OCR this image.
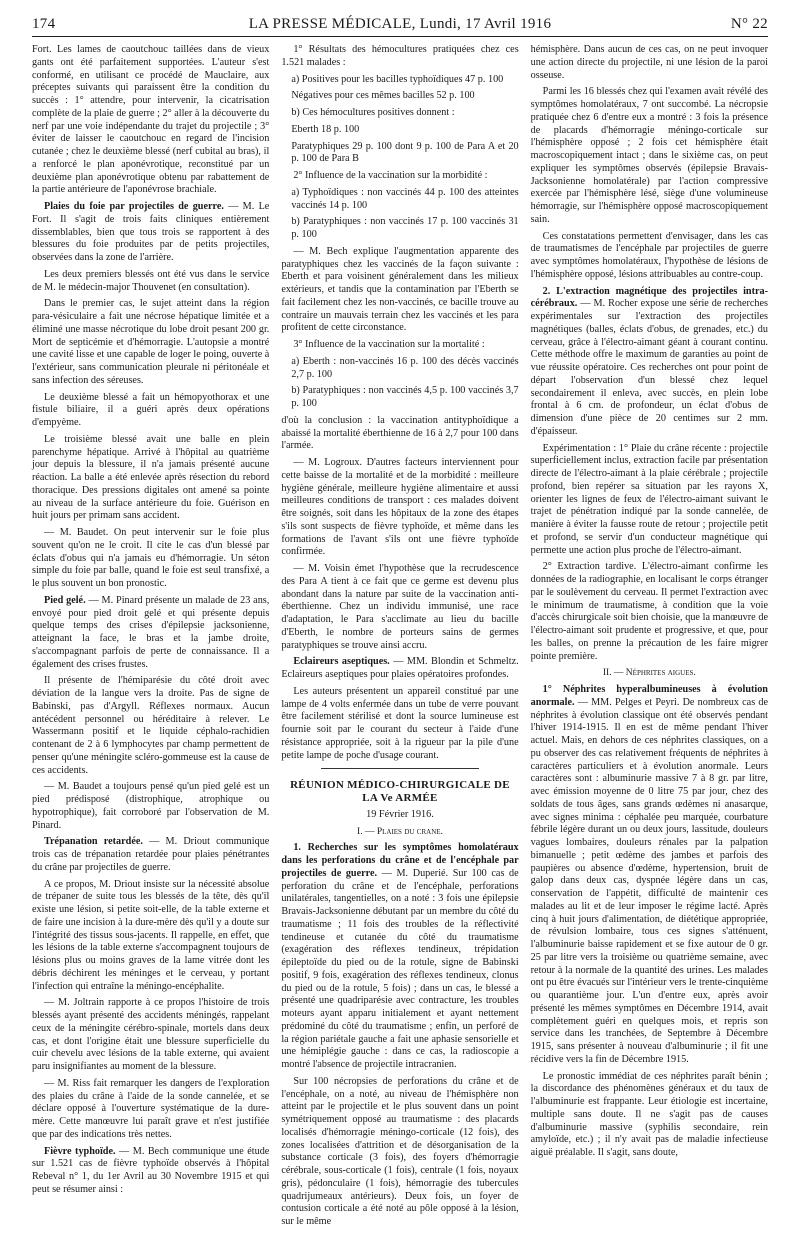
174	LA PRESSE MÉDICALE, Lundi, 17 Avril 1916	N° 22

Fort. Les lames de caoutchouc taillées dans de vieux gants ont été parfaitement supportées. L'auteur s'est conformé, en utilisant ce procédé de Mauclaire, aux préceptes suivants qui paraissent être la condition du succès : 1° attendre, pour intervenir, la cicatrisation complète de la plaie de guerre ; 2° aller à la découverte du nerf par une voie indépendante du trajet du projectile ; 3° éviter de laisser le caoutchouc en regard de l'incision cutanée ; chez le deuxième blessé (nerf cubital au bras), il a renforcé le plan aponévrotique, reconstitué par un deuxième plan aponévrotique obtenu par rabattement de la partie antérieure de l'aponévrose brachiale.

Plaies du foie par projectiles de guerre. — M. Le Fort. Il s'agit de trois faits cliniques entièrement dissemblables, bien que tous trois se rapportent à des blessures du foie produites par de petits projectiles, observées dans la zone de l'arrière.

Les deux premiers blessés ont été vus dans le service de M. le médecin-major Thouvenet (en consultation).

Dans le premier cas, le sujet atteint dans la région para-vésiculaire a fait une nécrose hépatique limitée et a éliminé une masse nécrotique du lobe droit pesant 200 gr. Mort de septicémie et d'hémorragie. L'autopsie a montré une cavité lisse et une capable de loger le poing, ouverte à l'extérieur, sans communication pleurale ni péritonéale et sans infection des séreuses.

Le deuxième blessé a fait un hémopyothorax et une fistule biliaire, il a guéri après deux opérations d'empyème.

Le troisième blessé avait une balle en plein parenchyme hépatique. Arrivé à l'hôpital au quatrième jour depuis la blessure, il n'a jamais présenté aucune réaction. La balle a été enlevée après résection du rebord thoracique. Des pressions digitales ont amené sa pointe au niveau de la surface antérieure du foie. Guérison en huit jours per primam sans accident.

— M. Baudet. On peut intervenir sur le foie plus souvent qu'on ne le croit. Il cite le cas d'un blessé par éclats d'obus qui n'a jamais eu d'hémorragie. Un séton simple du foie par balle, quand le foie est seul transfixé, a le plus souvent un bon pronostic.

Pied gelé. — M. Pinard présente un malade de 23 ans, envoyé pour pied droit gelé et qui présente depuis quelque temps des crises d'épilepsie jacksonienne, atteignant la face, le bras et la jambe droite, s'accompagnant parfois de perte de connaissance. Il a également des crises frustes.

Il présente de l'hémiparésie du côté droit avec déviation de la langue vers la droite. Pas de signe de Babinski, pas d'Argyll. Réflexes normaux. Aucun antécédent personnel ou héréditaire à relever. Le Wassermann positif et le liquide céphalo-rachidien contenant de 2 à 6 lymphocytes par champ permettent de penser qu'une méningite scléro-gommeuse est la cause de ces accidents.

— M. Baudet a toujours pensé qu'un pied gelé est un pied prédisposé (distrophique, atrophique ou hypotrophique), fait corroboré par l'observation de M. Pinard.

Trépanation retardée. — M. Driout communique trois cas de trépanation retardée pour plaies pénétrantes du crâne par projectiles de guerre.

A ce propos, M. Driout insiste sur la nécessité absolue de trépaner de suite tous les blessés de la tête, dès qu'il existe une lésion, si petite soit-elle, de la table externe et de faire une incision à la dure-mère dès qu'il y a doute sur l'intégrité des tissus sous-jacents. Il rappelle, en effet, que les lésions de la table externe s'accompagnent toujours de lésions plus ou moins graves de la lame vitrée dont les débris déchirent les méninges et le cerveau, y portant l'infection qui entraîne la méningo-encéphalite.

— M. Joltrain rapporte à ce propos l'histoire de trois blessés ayant présenté des accidents méningés, rappelant ceux de la méningite cérébro-spinale, mortels dans deux cas, et dont l'origine était une blessure superficielle du cuir chevelu avec lésions de la table externe, qui avaient paru insignifiantes au moment de la blessure.

— M. Riss fait remarquer les dangers de l'exploration des plaies du crâne à l'aide de la sonde cannelée, et se déclare opposé à l'ouverture systématique de la dure-mère. Cette manœuvre lui paraît grave et n'est justifiée que par des indications très nettes.

Fièvre typhoïde. — M. Bech communique une étude sur 1.521 cas de fièvre typhoïde observés à l'hôpital Rebeval n° 1, du 1er Avril au 30 Novembre 1915 et qui peut se résumer ainsi :

1° Résultats des hémocultures pratiquées chez ces 1.521 malades :

a) Positives pour les bacilles typhoïdiques 47 p. 100

Négatives pour ces mêmes bacilles 52 p. 100

b) Ces hémocultures positives donnent :

Eberth 18 p. 100

Paratyphiques 29 p. 100 dont 9 p. 100 de Para A et 20 p. 100 de Para B

2° Influence de la vaccination sur la morbidité :

a) Typhoïdiques : non vaccinés 44 p. 100 des atteintes vaccinés 14 p. 100

b) Paratyphiques : non vaccinés 17 p. 100 vaccinés 31 p. 100

— M. Bech explique l'augmentation apparente des paratyphiques chez les vaccinés de la façon suivante : Eberth et para voisinent généralement dans les milieux extérieurs, et tandis que la contamination par l'Eberth se fait facilement chez les non-vaccinés, ce bacille trouve au contraire un mauvais terrain chez les vaccinés et les para profitent de cette circonstance.

3° Influence de la vaccination sur la mortalité :

a) Eberth : non-vaccinés 16 p. 100 des décès vaccinés 2,7 p. 100

b) Paratyphiques : non vaccinés 4,5 p. 100 vaccinés 3,7 p. 100

d'où la conclusion : la vaccination antityphoïdique a abaissé la mortalité éberthienne de 16 à 2,7 pour 100 dans l'armée.

— M. Logroux. D'autres facteurs interviennent pour cette baisse de la mortalité et de la morbidité : meilleure hygiène générale, meilleure hygiène alimentaire et aussi meilleures conditions de transport : ces malades doivent être soignés, soit dans les hôpitaux de la zone des étapes s'ils sont suspects de fièvre typhoïde, et même dans les formations de l'avant s'ils ont une fièvre typhoïde confirmée.

— M. Voisin émet l'hypothèse que la recrudescence des Para A tient à ce fait que ce germe est devenu plus abondant dans la nature par suite de la vaccination anti-éberthienne. Chez un individu immunisé, une race d'adaptation, le Para s'acclimate au lieu du bacille d'Eberth, le nombre de porteurs sains de germes paratyphiques se trouve ainsi accru.

Eclaireurs aseptiques. — MM. Blondin et Schmeltz. Eclaireurs aseptiques pour plaies opératoires profondes.

Les auteurs présentent un appareil constitué par une lampe de 4 volts enfermée dans un tube de verre pouvant être facilement stérilisé et dont la source lumineuse est fournie soit par le courant du secteur à l'aide d'une résistance appropriée, soit à la rigueur par la pile d'une petite lampe de poche d'usage courant.

RÉUNION MÉDICO-CHIRURGICALE DE LA Ve ARMÉE

19 Février 1916.

I. — Plaies du crane.

1. Recherches sur les symptômes homolatéraux dans les perforations du crâne et de l'encéphale par projectiles de guerre. — M. Duperié. Sur 100 cas de perforation du crâne et de l'encéphale, perforations unilatérales, tangentielles, on a noté : 3 fois une épilepsie Bravais-Jacksonienne débutant par un membre du côté du traumatisme ; 11 fois des troubles de la réflectivité tendineuse et cutanée du côté du traumatisme (exagération des réflexes tendineux, trépidation épileptoïde du pied ou de la rotule, signe de Babinski positif, 9 fois, exagération des réflexes tendineux, clonus du pied ou de la rotule, 5 fois) ; dans un cas, le blessé a présenté une quadriparésie avec contracture, les troubles moteurs ayant apparu initialement et ayant nettement prédominé du côté du traumatisme ; enfin, un perforé de la région pariétale gauche a fait une aphasie sensorielle et une hémiplégie gauche : dans ce cas, la radioscopie a montré l'absence de projectile intracranien.

Sur 100 nécropsies de perforations du crâne et de l'encéphale, on a noté, au niveau de l'hémisphère non atteint par le projectile et le plus souvent dans un point symétriquement opposé au traumatisme : des placards localisés d'hémorragie méningo-corticale (12 fois), des zones localisées d'attrition et de désorganisation de la substance corticale (3 fois), des foyers d'hémorragie cérébrale, sous-corticale (1 fois), centrale (1 fois, noyaux gris), pédonculaire (1 fois), hémorragie des tubercules quadrijumeaux antérieurs). Deux fois, un foyer de contusion corticale a été noté au pôle opposé à la lésion, sur le même

hémisphère. Dans aucun de ces cas, on ne peut invoquer une action directe du projectile, ni une lésion de la paroi osseuse.

Parmi les 16 blessés chez qui l'examen avait révélé des symptômes homolatéraux, 7 ont succombé. La nécropsie pratiquée chez 6 d'entre eux a montré : 3 fois la présence de placards d'hémorragie méningo-corticale sur l'hémisphère opposé ; 2 fois cet hémisphère était macroscopiquement intact ; dans le sixième cas, on peut expliquer les symptômes observés (épilepsie Bravais-Jacksonienne homolatérale) par l'action compressive exercée par l'hémisphère lésé, siège d'une volumineuse hémorragie, sur l'hémisphère opposé macroscopiquement sain.

Ces constatations permettent d'envisager, dans les cas de traumatismes de l'encéphale par projectiles de guerre avec symptômes homolatéraux, l'hypothèse de lésions de l'hémisphère opposé, lésions attribuables au contre-coup.

2. L'extraction magnétique des projectiles intra-cérébraux. — M. Rocher expose une série de recherches expérimentales sur l'extraction des projectiles magnétiques (balles, éclats d'obus, de grenades, etc.) du cerveau, grâce à l'électro-aimant géant à courant continu. Cette méthode offre le maximum de garanties au point de vue réussite opératoire. Ces recherches ont pour point de départ l'observation d'un blessé chez lequel secondairement il enleva, avec succès, en plein lobe frontal à 6 cm. de profondeur, un éclat d'obus de dimension d'une pièce de 20 centimes sur 2 mm. d'épaisseur.

Expérimentation : 1° Plaie du crâne récente : projectile superficiellement inclus, extraction facile par présentation directe de l'électro-aimant à la plaie cérébrale ; projectile profond, bien repérer sa situation par les rayons X, orienter les lignes de feux de l'électro-aimant suivant le trajet de pénétration indiqué par la sonde cannelée, de manière à éviter la fausse route de retour ; projectile petit et profond, se servir d'un conducteur magnétique qui permette une action plus proche de l'électro-aimant.

2° Extraction tardive. L'électro-aimant confirme les données de la radiographie, en localisant le corps étranger par le soulèvement du cerveau. Il permet l'extraction avec le minimum de traumatisme, à condition que la voie d'accès chirurgicale soit bien choisie, que la manœuvre de l'électro-aimant soit prudente et progressive, et que, pour les balles, on prenne la précaution de les faire migrer pointe première.

II. — Néphrites aigues.

1° Néphrites hyperalbumineuses à évolution anormale. — MM. Pelges et Peyri. De nombreux cas de néphrites à évolution classique ont été observés pendant l'hiver 1914-1915. Il en est de même pendant l'hiver actuel. Mais, en dehors de ces néphrites classiques, on a pu observer des cas relativement fréquents de néphrites à caractères particuliers et à évolution anormale. Leurs caractères sont : albuminurie massive 7 à 8 gr. par litre, avec émission moyenne de 0 litre 75 par jour, chez des soldats de tous âges, sans grands œdèmes ni anasarque, avec signes minima : céphalée peu marquée, courbature fébrile légère durant un ou deux jours, lassitude, douleurs vagues lombaires, douleurs rénales par la palpation bimanuelle ; petit œdème des jambes et parfois des paupières ou absence d'œdème, hypertension, bruit de galop dans deux cas, dyspnée légère dans un cas, conservation de l'appétit, difficulté de maintenir ces malades au lit et de leur imposer le régime lacté. Après cinq à huit jours d'alimentation, de diététique appropriée, de révulsion lombaire, tous ces signes s'atténuent, l'albuminurie baisse rapidement et se fixe autour de 0 gr. 25 par litre vers la troisième ou quatrième semaine, avec retour à la normale de la quantité des urines. Les malades ont pu être évacués sur l'intérieur vers le trente-cinquième ou quarantième jour. L'un d'entre eux, après avoir présenté les mêmes symptômes en Décembre 1914, avait complètement guéri en quelques mois, et repris son service dans les tranchées, de Septembre à Décembre 1915, sans présenter à nouveau d'albuminurie ; il fit une récidive vers la fin de Décembre 1915.

Le pronostic immédiat de ces néphrites paraît bénin ; la discordance des phénomènes généraux et du taux de l'albuminurie est frappante. Leur étiologie est incertaine, multiple sans doute. Il ne s'agit pas de causes d'albuminurie massive (syphilis secondaire, rein amyloïde, etc.) ; il n'y avait pas de maladie infectieuse aiguë préalable. Il s'agit, sans doute,
